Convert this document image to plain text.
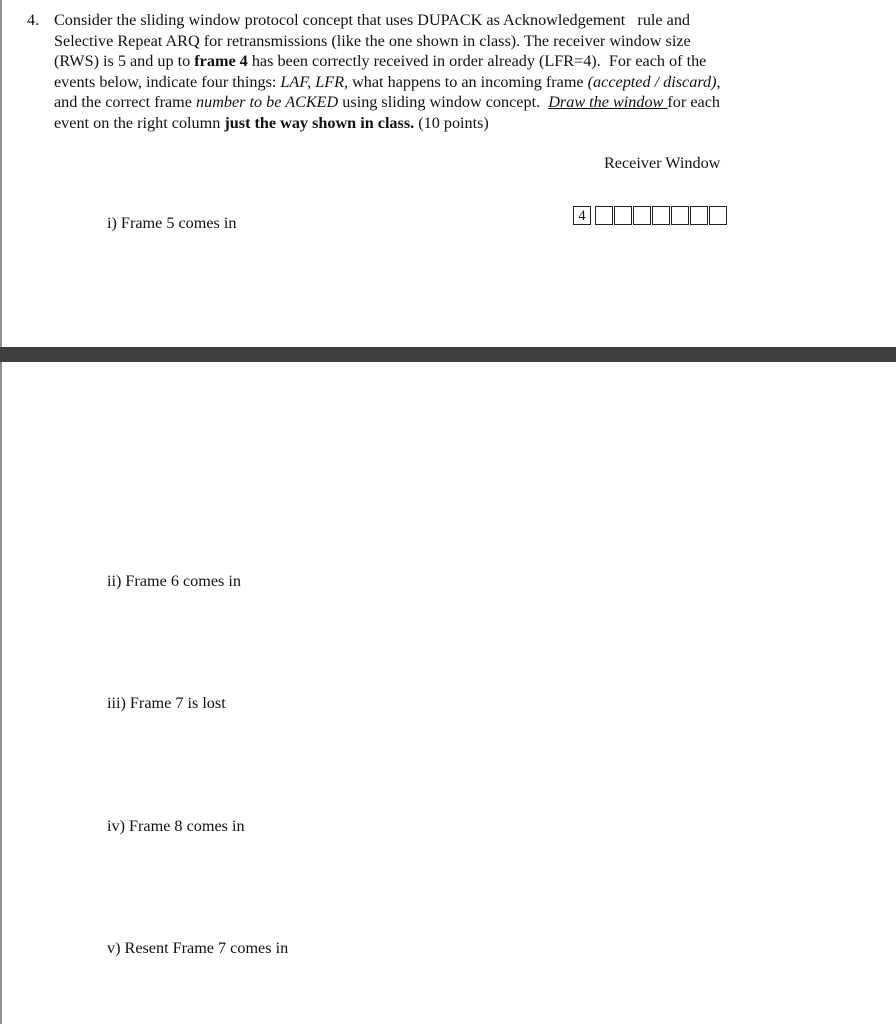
4. Consider the sliding window protocol concept that uses DUPACK as Acknowledgement   rule and
Selective Repeat ARQ for retransmissions (like the one shown in class). The receiver window size
(RWS) is 5 and up to frame 4 has been correctly received in order already (LFR=4).  For each of the
events below, indicate four things: LAF, LFR, what happens to an incoming frame (accepted / discard),
and the correct frame number to be ACKED using sliding window concept.  Draw the window for each
event on the right column just the way shown in class. (10 points)
Receiver Window
4
i) Frame 5 comes in
ii) Frame 6 comes in
iii) Frame 7 is lost
iv) Frame 8 comes in
v) Resent Frame 7 comes in
